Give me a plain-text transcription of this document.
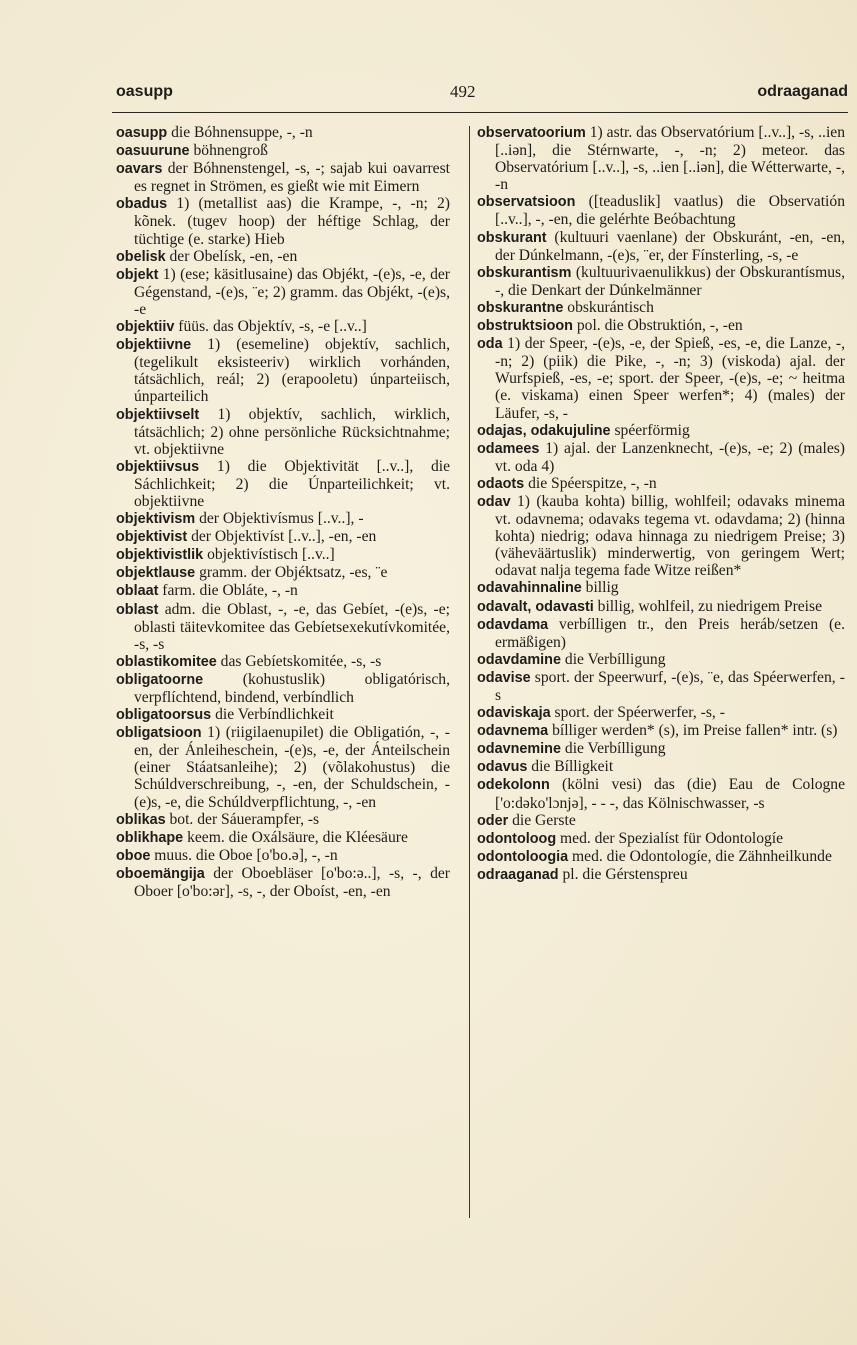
oasupp	492	odraaganad

oasupp die Bóhnensuppe, -, -n

oasuurune böhnengroß

oavars der Bóhnenstengel, -s, -; sajab kui oavarrest es regnet in Strömen, es gießt wie mit Eimern

obadus 1) (metallist aas) die Krampe, -, -n; 2) kõnek. (tugev hoop) der héftige Schlag, der tüchtige (e. starke) Hieb

obelisk der Obelísk, -en, -en

objekt 1) (ese; käsitlusaine) das Objékt, -(e)s, -e, der Gégenstand, -(e)s, ¨e; 2) gramm. das Objékt, -(e)s, -e

objektiiv füüs. das Objektív, -s, -e [..v..]

objektiivne 1) (esemeline) objektív, sachlich, (tegelikult eksisteeriv) wirklich vorhánden, tátsächlich, reál; 2) (erapooletu) únparteiisch, únparteilich

objektiivselt 1) objektív, sachlich, wirklich, tátsächlich; 2) ohne persönliche Rücksichtnahme; vt. objektiivne

objektiivsus 1) die Objektivität [..v..], die Sáchlichkeit; 2) die Únparteilichkeit; vt. objektiivne

objektivism der Objektivísmus [..v..], -

objektivist der Objektivíst [..v..], -en, -en

objektivistlik objektivístisch [..v..]

objektlause gramm. der Objéktsatz, -es, ¨e

oblaat farm. die Obláte, -, -n

oblast adm. die Oblast, -, -e, das Gebíet, -(e)s, -e; oblasti täitevkomitee das Gebíetsexekutívkomitée, -s, -s

oblastikomitee das Gebíetskomitée, -s, -s

obligatoorne	(kohustuslik) obligatórisch, verpflíchtend, bindend, verbíndlich

obligatoorsus die Verbíndlichkeit

obligatsioon 1) (riigilaenupilet) die Obligatión, -, -en, der Ánleiheschein, -(e)s, -e, der Ánteilschein (einer Stáatsanleihe); 2) (võlakohustus) die Schúldverschreibung, -, -en, der Schuldschein, -(e)s, -e, die Schúldverpflichtung, -, -en

oblikas bot. der Sáuerampfer, -s

oblikhape keem. die Oxálsäure, die Kléesäure

oboe muus. die Oboe [o'bo.ə], -, -n

oboemängija der Oboebläser [o'bo:ə..], -s, -, der Oboer [o'bo:ər], -s, -, der Oboíst, -en, -en

observatoorium 1) astr. das Observatórium [..v..], -s, ..ien [..iən], die Stérnwarte, -, -n; 2) meteor. das Observatórium [..v..], -s, ..ien [..iən], die Wétterwarte, -, -n

observatsioon ([teaduslik] vaatlus) die Observatión [..v..], -, -en, die gelérhte Beóbachtung

obskurant (kultuuri vaenlane) der Obskuránt, -en, -en, der Dúnkelmann, -(e)s, ¨er, der Fínsterling, -s, -e

obskurantism (kultuurivaenulikkus) der Obskurantísmus, -, die Denkart der Dúnkelmänner

obskurantne obskurántisch

obstruktsioon pol. die Obstruktión, -, -en

oda 1) der Speer, -(e)s, -e, der Spieß, -es, -e, die Lanze, -, -n; 2) (piik) die Pike, -, -n; 3) (viskoda) ajal. der Wurfspieß, -es, -e; sport. der Speer, -(e)s, -e; ~ heitma (e. viskama) einen Speer werfen*; 4) (males) der Läufer, -s, -

odajas, odakujuline spéerförmig

odamees 1) ajal. der Lanzenknecht, -(e)s, -e; 2) (males) vt. oda 4)

odaots die Spéerspitze, -, -n

odav 1) (kauba kohta) billig, wohlfeil; odavaks minema vt. odavnema; odavaks tegema vt. odavdama; 2) (hinna kohta) niedrig; odava hinnaga zu niedrigem Preise; 3) (väheväärtuslik) minderwertig, von geringem Wert; odavat nalja tegema fade Witze reißen*

odavahinnaline billig

odavalt, odavasti billig, wohlfeil, zu niedrigem Preise

odavdama verbílligen tr., den Preis heráb/setzen (e. ermäßigen)

odavdamine die Verbílligung

odavise sport. der Speerwurf, -(e)s, ¨e, das Spéerwerfen, -s

odaviskaja sport. der Spéerwerfer, -s, -

odavnema bílliger werden* (s), im Preise fallen* intr. (s)

odavnemine die Verbílligung

odavus die Bílligkeit

odekolonn (kölni vesi) das (die) Eau de Cologne ['o:dəko'lɔnjə], - - -, das Kölnischwasser, -s

oder die Gerste

odontoloog med. der Spezialíst für Odontologíe

odontoloogia med. die Odontologíe, die Zähnheilkunde

odraaganad pl. die Gérstenspreu
